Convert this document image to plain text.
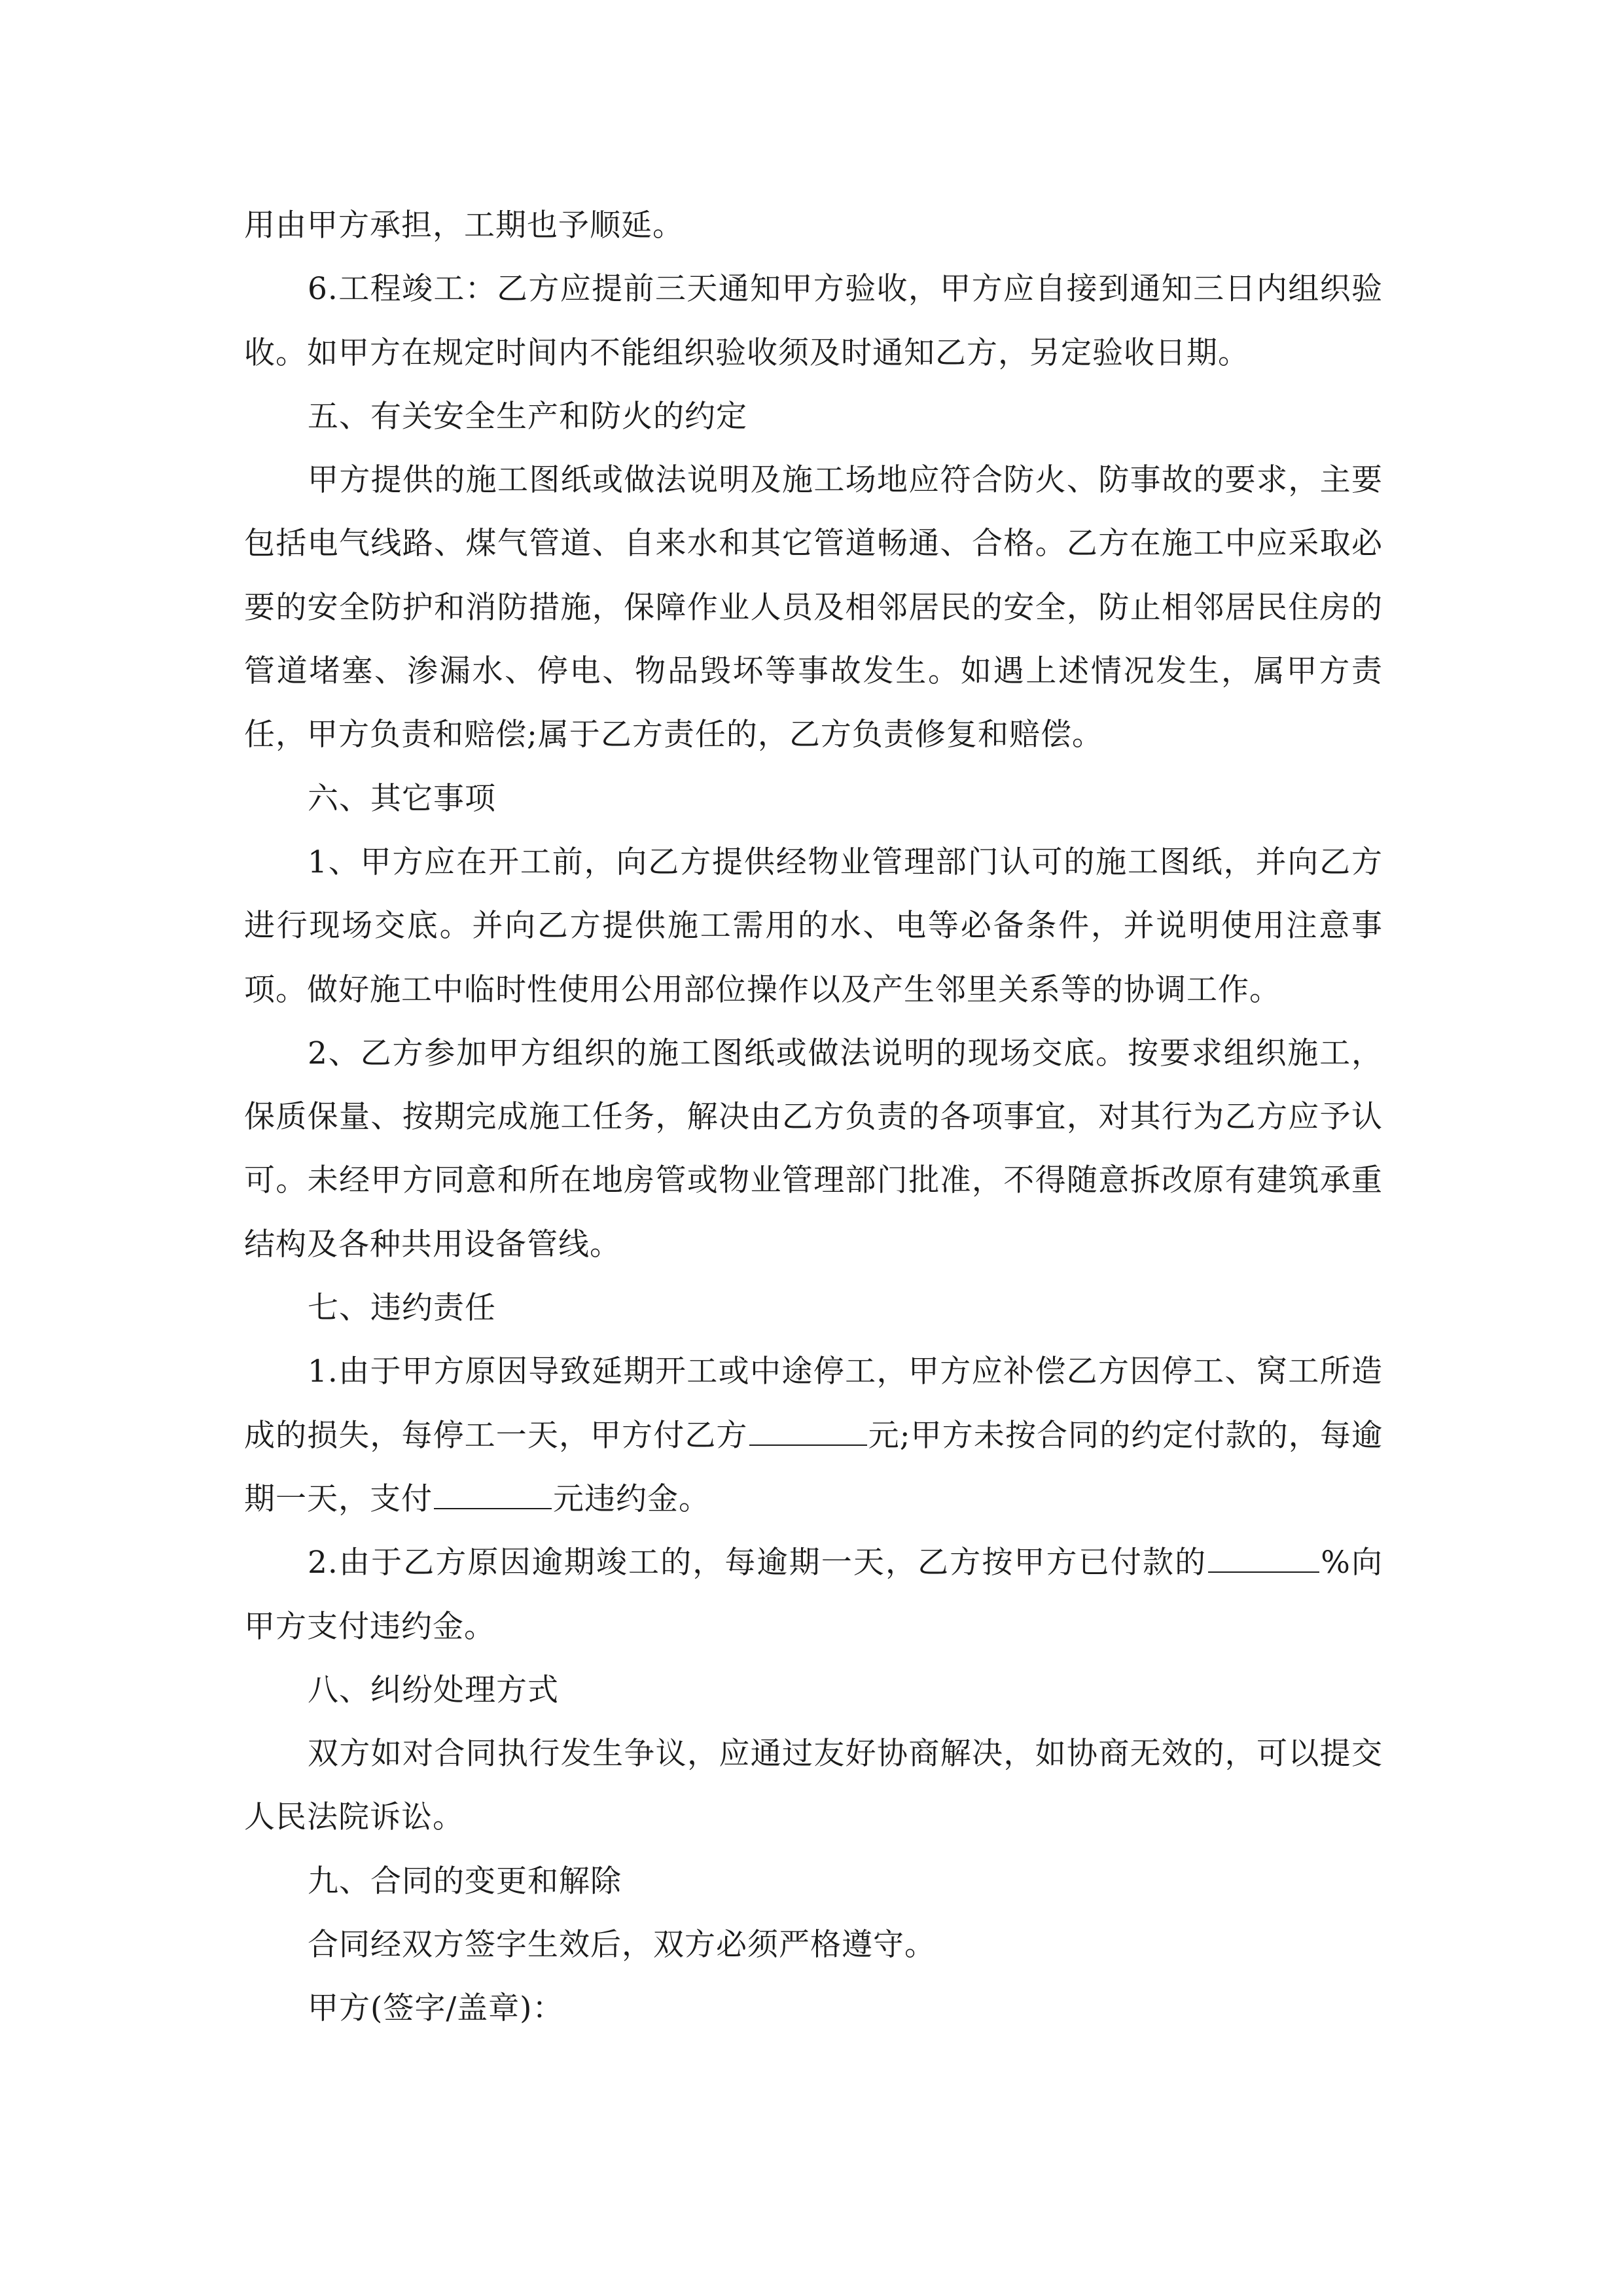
用由甲方承担，工期也予顺延。

6.工程竣工：乙方应提前三天通知甲方验收，甲方应自接到通知三日内组织验收。如甲方在规定时间内不能组织验收须及时通知乙方，另定验收日期。

五、有关安全生产和防火的约定

甲方提供的施工图纸或做法说明及施工场地应符合防火、防事故的要求，主要包括电气线路、煤气管道、自来水和其它管道畅通、合格。乙方在施工中应采取必要的安全防护和消防措施，保障作业人员及相邻居民的安全，防止相邻居民住房的管道堵塞、渗漏水、停电、物品毁坏等事故发生。如遇上述情况发生，属甲方责任，甲方负责和赔偿;属于乙方责任的，乙方负责修复和赔偿。

六、其它事项

1、甲方应在开工前，向乙方提供经物业管理部门认可的施工图纸，并向乙方进行现场交底。并向乙方提供施工需用的水、电等必备条件，并说明使用注意事项。做好施工中临时性使用公用部位操作以及产生邻里关系等的协调工作。

2、乙方参加甲方组织的施工图纸或做法说明的现场交底。按要求组织施工，保质保量、按期完成施工任务，解决由乙方负责的各项事宜，对其行为乙方应予认可。未经甲方同意和所在地房管或物业管理部门批准，不得随意拆改原有建筑承重结构及各种共用设备管线。

七、违约责任

1.由于甲方原因导致延期开工或中途停工，甲方应补偿乙方因停工、窝工所造成的损失，每停工一天，甲方付乙方	元;甲方未按合同的约定付款的，每逾期一天，支付	元违约金。

2.由于乙方原因逾期竣工的，每逾期一天，乙方按甲方已付款的	%向甲方支付违约金。

八、纠纷处理方式

双方如对合同执行发生争议，应通过友好协商解决，如协商无效的，可以提交人民法院诉讼。

九、合同的变更和解除

合同经双方签字生效后，双方必须严格遵守。

甲方(签字/盖章)：
